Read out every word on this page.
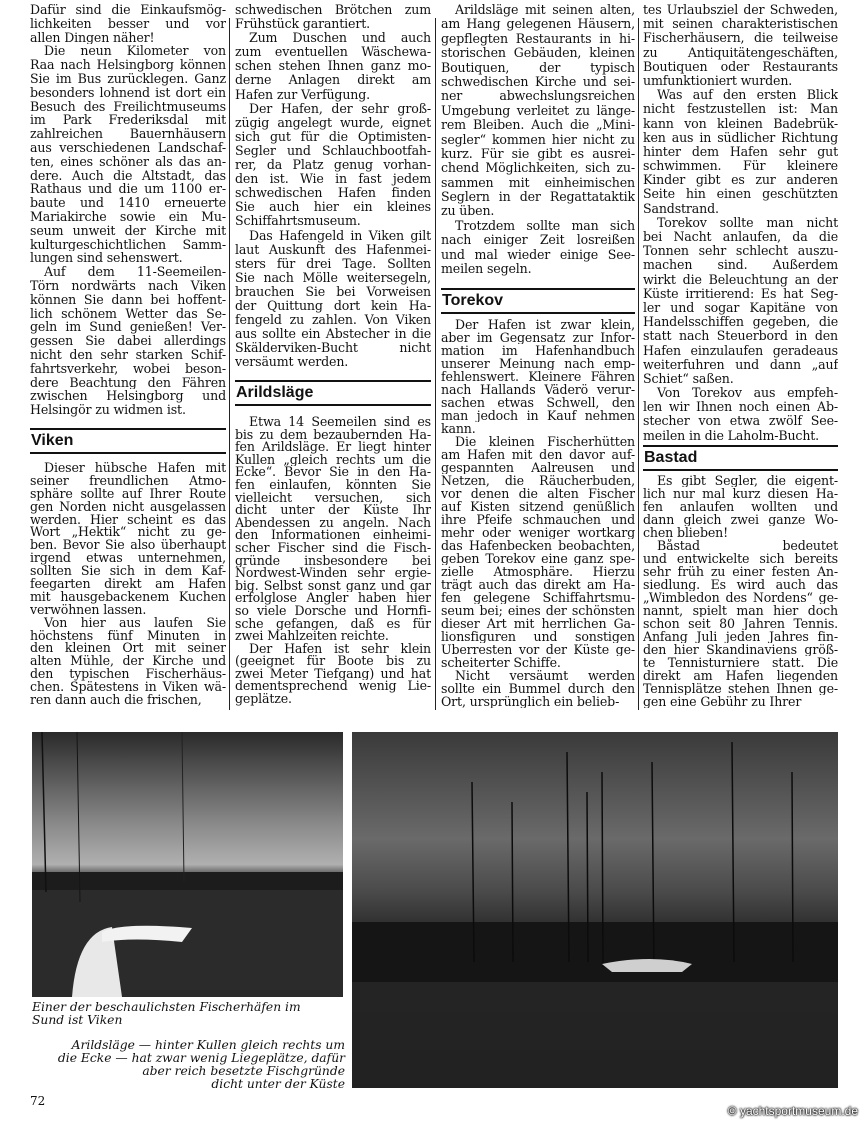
Dafür sind die Einkaufsmög-
lichkeiten besser und vor
allen Dingen näher!
Die neun Kilometer von
Raa nach Helsingborg können
Sie im Bus zurücklegen. Ganz
besonders lohnend ist dort ein
Besuch des Freilichtmuseums
im Park Frederiksdal mit
zahlreichen Bauernhäusern
aus verschiedenen Landschaf-
ten, eines schöner als das an-
dere. Auch die Altstadt, das
Rathaus und die um 1100 er-
baute und 1410 erneuerte
Mariakirche sowie ein Mu-
seum unweit der Kirche mit
kulturgeschichtlichen Samm-
lungen sind sehenswert.
Auf dem 11-Seemeilen-
Törn nordwärts nach Viken
können Sie dann bei hoffent-
lich schönem Wetter das Se-
geln im Sund genießen! Ver-
gessen Sie dabei allerdings
nicht den sehr starken Schif-
fahrtsverkehr, wobei beson-
dere Beachtung den Fähren
zwischen Helsingborg und
Helsingör zu widmen ist.
Viken
Dieser hübsche Hafen mit
seiner freundlichen Atmo-
sphäre sollte auf Ihrer Route
gen Norden nicht ausgelassen
werden. Hier scheint es das
Wort „Hektik“ nicht zu ge-
ben. Bevor Sie also überhaupt
irgend etwas unternehmen,
sollten Sie sich in dem Kaf-
feegarten direkt am Hafen
mit hausgebackenem Kuchen
verwöhnen lassen.
Von hier aus laufen Sie
höchstens fünf Minuten in
den kleinen Ort mit seiner
alten Mühle, der Kirche und
den typischen Fischerhäus-
chen. Spätestens in Viken wä-
ren dann auch die frischen,
schwedischen Brötchen zum
Frühstück garantiert.
Zum Duschen und auch
zum eventuellen Wäschewa-
schen stehen Ihnen ganz mo-
derne Anlagen direkt am
Hafen zur Verfügung.
Der Hafen, der sehr groß-
zügig angelegt wurde, eignet
sich gut für die Optimisten-
Segler und Schlauchbootfah-
rer, da Platz genug vorhan-
den ist. Wie in fast jedem
schwedischen Hafen finden
Sie auch hier ein kleines
Schiffahrtsmuseum.
Das Hafengeld in Viken gilt
laut Auskunft des Hafenmei-
sters für drei Tage. Sollten
Sie nach Mölle weitersegeln,
brauchen Sie bei Vorweisen
der Quittung dort kein Ha-
fengeld zu zahlen. Von Viken
aus sollte ein Abstecher in die
Skälderviken-Bucht nicht
versäumt werden.
Arildsläge
Etwa 14 Seemeilen sind es
bis zu dem bezaubernden Ha-
fen Arildsläge. Er liegt hinter
Kullen „gleich rechts um die
Ecke“. Bevor Sie in den Ha-
fen einlaufen, könnten Sie
vielleicht versuchen, sich
dicht unter der Küste Ihr
Abendessen zu angeln. Nach
den Informationen einheimi-
scher Fischer sind die Fisch-
gründe insbesondere bei
Nordwest-Winden sehr ergie-
big. Selbst sonst ganz und gar
erfolglose Angler haben hier
so viele Dorsche und Hornfi-
sche gefangen, daß es für
zwei Mahlzeiten reichte.
Der Hafen ist sehr klein
(geeignet für Boote bis zu
zwei Meter Tiefgang) und hat
dementsprechend wenig Lie-
geplätze.
Arildsläge mit seinen alten,
am Hang gelegenen Häusern,
gepflegten Restaurants in hi-
storischen Gebäuden, kleinen
Boutiquen, der typisch
schwedischen Kirche und sei-
ner abwechslungsreichen
Umgebung verleitet zu länge-
rem Bleiben. Auch die „Mini-
segler“ kommen hier nicht zu
kurz. Für sie gibt es ausrei-
chend Möglichkeiten, sich zu-
sammen mit einheimischen
Seglern in der Regattataktik
zu üben.
Trotzdem sollte man sich
nach einiger Zeit losreißen
und mal wieder einige See-
meilen segeln.
Torekov
Der Hafen ist zwar klein,
aber im Gegensatz zur Infor-
mation im Hafenhandbuch
unserer Meinung nach emp-
fehlenswert. Kleinere Fähren
nach Hallands Väderö verur-
sachen etwas Schwell, den
man jedoch in Kauf nehmen
kann.
Die kleinen Fischerhütten
am Hafen mit den davor auf-
gespannten Aalreusen und
Netzen, die Räucherbuden,
vor denen die alten Fischer
auf Kisten sitzend genüßlich
ihre Pfeife schmauchen und
mehr oder weniger wortkarg
das Hafenbecken beobachten,
geben Torekov eine ganz spe-
zielle Atmosphäre. Hierzu
trägt auch das direkt am Ha-
fen gelegene Schiffahrtsmu-
seum bei; eines der schönsten
dieser Art mit herrlichen Ga-
lionsfiguren und sonstigen
Überresten vor der Küste ge-
scheiterter Schiffe.
Nicht versäumt werden
sollte ein Bummel durch den
Ort, ursprünglich ein belieb-
tes Urlaubsziel der Schweden,
mit seinen charakteristischen
Fischerhäusern, die teilweise
zu Antiquitätengeschäften,
Boutiquen oder Restaurants
umfunktioniert wurden.
Was auf den ersten Blick
nicht festzustellen ist: Man
kann von kleinen Badebrük-
ken aus in südlicher Richtung
hinter dem Hafen sehr gut
schwimmen. Für kleinere
Kinder gibt es zur anderen
Seite hin einen geschützten
Sandstrand.
Torekov sollte man nicht
bei Nacht anlaufen, da die
Tonnen sehr schlecht auszu-
machen sind. Außerdem
wirkt die Beleuchtung an der
Küste irritierend: Es hat Seg-
ler und sogar Kapitäne von
Handelsschiffen gegeben, die
statt nach Steuerbord in den
Hafen einzulaufen geradeaus
weiterfuhren und dann „auf
Schiet“ saßen.
Von Torekov aus empfeh-
len wir Ihnen noch einen Ab-
stecher von etwa zwölf See-
meilen in die Laholm-Bucht.
Bastad
Es gibt Segler, die eigent-
lich nur mal kurz diesen Ha-
fen anlaufen wollten und
dann gleich zwei ganze Wo-
chen blieben!
Båstad bedeutet
und entwickelte sich bereits
sehr früh zu einer festen An-
siedlung. Es wird auch das
„Wimbledon des Nordens“ ge-
nannt, spielt man hier doch
schon seit 80 Jahren Tennis.
Anfang Juli jeden Jahres fin-
den hier Skandinaviens größ-
te Tennisturniere statt. Die
direkt am Hafen liegenden
Tennisplätze stehen Ihnen ge-
gen eine Gebühr zu Ihrer
Einer der beschaulichsten Fischerhäfen im
Sund ist Viken
Arildsläge — hinter Kullen gleich rechts um
die Ecke — hat zwar wenig Liegeplätze, dafür
aber reich besetzte Fischgründe
dicht unter der Küste
72
© yachtsportmuseum.de
